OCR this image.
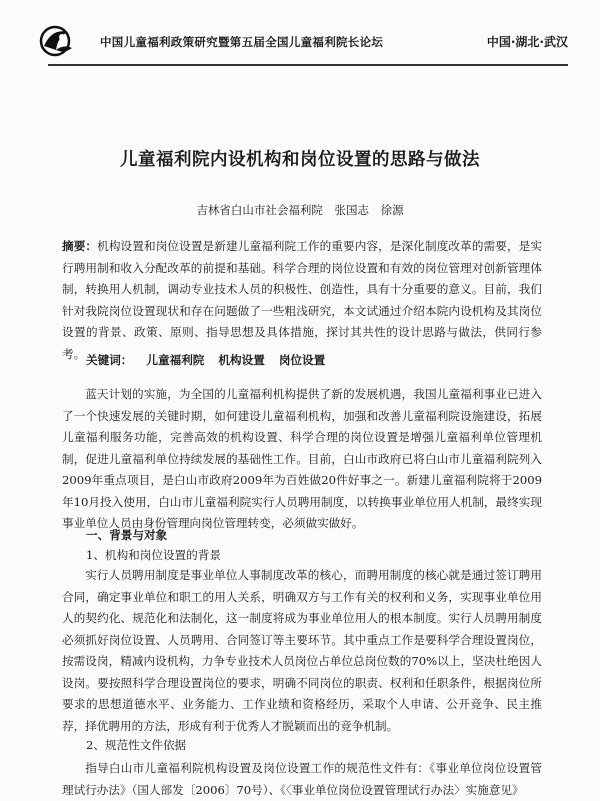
中国儿童福利政策研究暨第五届全国儿童福利院长论坛	中国·湖北·武汉
儿童福利院内设机构和岗位设置的思路与做法
吉林省白山市社会福利院 张国志 徐源
摘要：机构设置和岗位设置是新建儿童福利院工作的重要内容，是深化制度改革的需要，是实行聘用制和收入分配改革的前提和基础。科学合理的岗位设置和有效的岗位管理对创新管理体制，转换用人机制，调动专业技术人员的积极性、创造性，具有十分重要的意义。目前，我们针对我院岗位设置现状和存在问题做了一些粗浅研究，本文试通过介绍本院内设机构及其岗位设置的背景、政策、原则、指导思想及具体措施，探讨其共性的设计思路与做法，供同行参考。 关键词： 儿童福利院 机构设置 岗位设置
蓝天计划的实施，为全国的儿童福利机构提供了新的发展机遇，我国儿童福利事业已进入了一个快速发展的关键时期，如何建设儿童福利机构，加强和改善儿童福利院设施建设，拓展儿童福利服务功能，完善高效的机构设置、科学合理的岗位设置是增强儿童福利单位管理机制，促进儿童福利单位持续发展的基础性工作。目前，白山市政府已将白山市儿童福利院列入2009年重点项目，是白山市政府2009年为百姓做20件好事之一。新建儿童福利院将于2009年10月投入使用，白山市儿童福利院实行人员聘用制度，以转换事业单位用人机制，最终实现事业单位人员由身份管理向岗位管理转变，必须做实做好。
一、背景与对象
1、机构和岗位设置的背景
实行人员聘用制度是事业单位人事制度改革的核心，而聘用制度的核心就是通过签订聘用合同，确定事业单位和职工的用人关系，明确双方与工作有关的权利和义务，实现事业单位用人的契约化、规范化和法制化，这一制度将成为事业单位用人的根本制度。实行人员聘用制度必须抓好岗位设置、人员聘用、合同签订等主要环节。其中重点工作是要科学合理设置岗位，按需设岗，精减内设机构，力争专业技术人员岗位占单位总岗位数的70%以上，坚决杜绝因人设岗。要按照科学合理设置岗位的要求，明确不同岗位的职责、权利和任职条件，根据岗位所要求的思想道德水平、业务能力、工作业绩和资格经历，采取个人申请、公开竞争、民主推荐，择优聘用的方法，形成有利于优秀人才脱颖而出的竞争机制。
2、规范性文件依据
指导白山市儿童福利院机构设置及岗位设置工作的规范性文件有：《事业单位岗位设置管理试行办法》（国人部发〔2006〕70号）、《〈事业单位岗位设置管理试行办法〉实施意见》
